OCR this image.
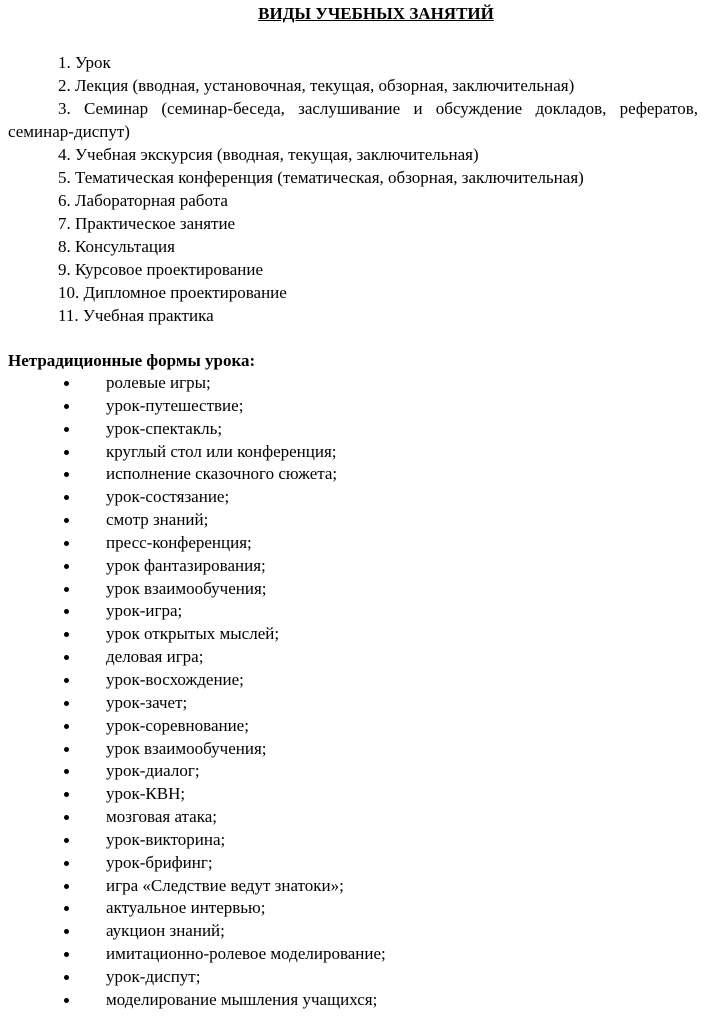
ВИДЫ УЧЕБНЫХ ЗАНЯТИЙ
1. Урок
2. Лекция (вводная, установочная, текущая, обзорная, заключительная)
3. Семинар (семинар-беседа, заслушивание и обсуждение докладов, рефератов, семинар-диспут)
4. Учебная экскурсия (вводная, текущая, заключительная)
5. Тематическая конференция (тематическая, обзорная, заключительная)
6. Лабораторная работа
7. Практическое занятие
8. Консультация
9. Курсовое проектирование
10. Дипломное проектирование
11. Учебная практика
Нетрадиционные формы урока:
ролевые игры;
урок-путешествие;
урок-спектакль;
круглый стол или конференция;
исполнение сказочного сюжета;
урок-состязание;
смотр знаний;
пресс-конференция;
урок фантазирования;
урок взаимообучения;
урок-игра;
урок открытых мыслей;
деловая игра;
урок-восхождение;
урок-зачет;
урок-соревнование;
урок взаимообучения;
урок-диалог;
урок-КВН;
мозговая атака;
урок-викторина;
урок-брифинг;
игра «Следствие ведут знатоки»;
актуальное интервью;
аукцион знаний;
имитационно-ролевое моделирование;
урок-диспут;
моделирование мышления учащихся;
